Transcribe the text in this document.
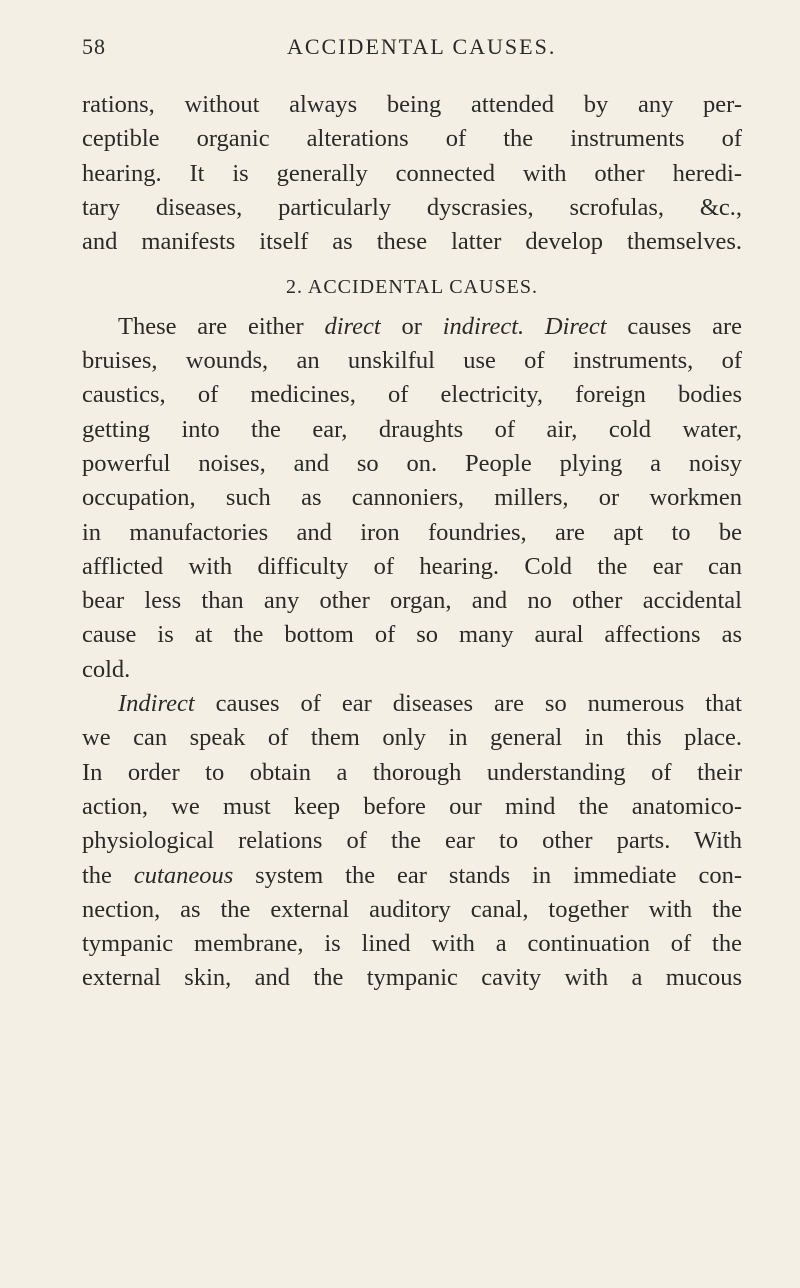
58	ACCIDENTAL CAUSES.
rations, without always being attended by any per-
ceptible organic alterations of the instruments of
hearing. It is generally connected with other heredi-
tary diseases, particularly dyscrasies, scrofulas, &c.,
and manifests itself as these latter develop themselves.
2. ACCIDENTAL CAUSES.
These are either direct or indirect. Direct causes are
bruises, wounds, an unskilful use of instruments, of
caustics, of medicines, of electricity, foreign bodies
getting into the ear, draughts of air, cold water,
powerful noises, and so on. People plying a noisy
occupation, such as cannoniers, millers, or workmen
in manufactories and iron foundries, are apt to be
afflicted with difficulty of hearing. Cold the ear can
bear less than any other organ, and no other accidental
cause is at the bottom of so many aural affections as
cold.
Indirect causes of ear diseases are so numerous that
we can speak of them only in general in this place.
In order to obtain a thorough understanding of their
action, we must keep before our mind the anatomico-
physiological relations of the ear to other parts. With
the cutaneous system the ear stands in immediate con-
nection, as the external auditory canal, together with the
tympanic membrane, is lined with a continuation of the
external skin, and the tympanic cavity with a mucous
